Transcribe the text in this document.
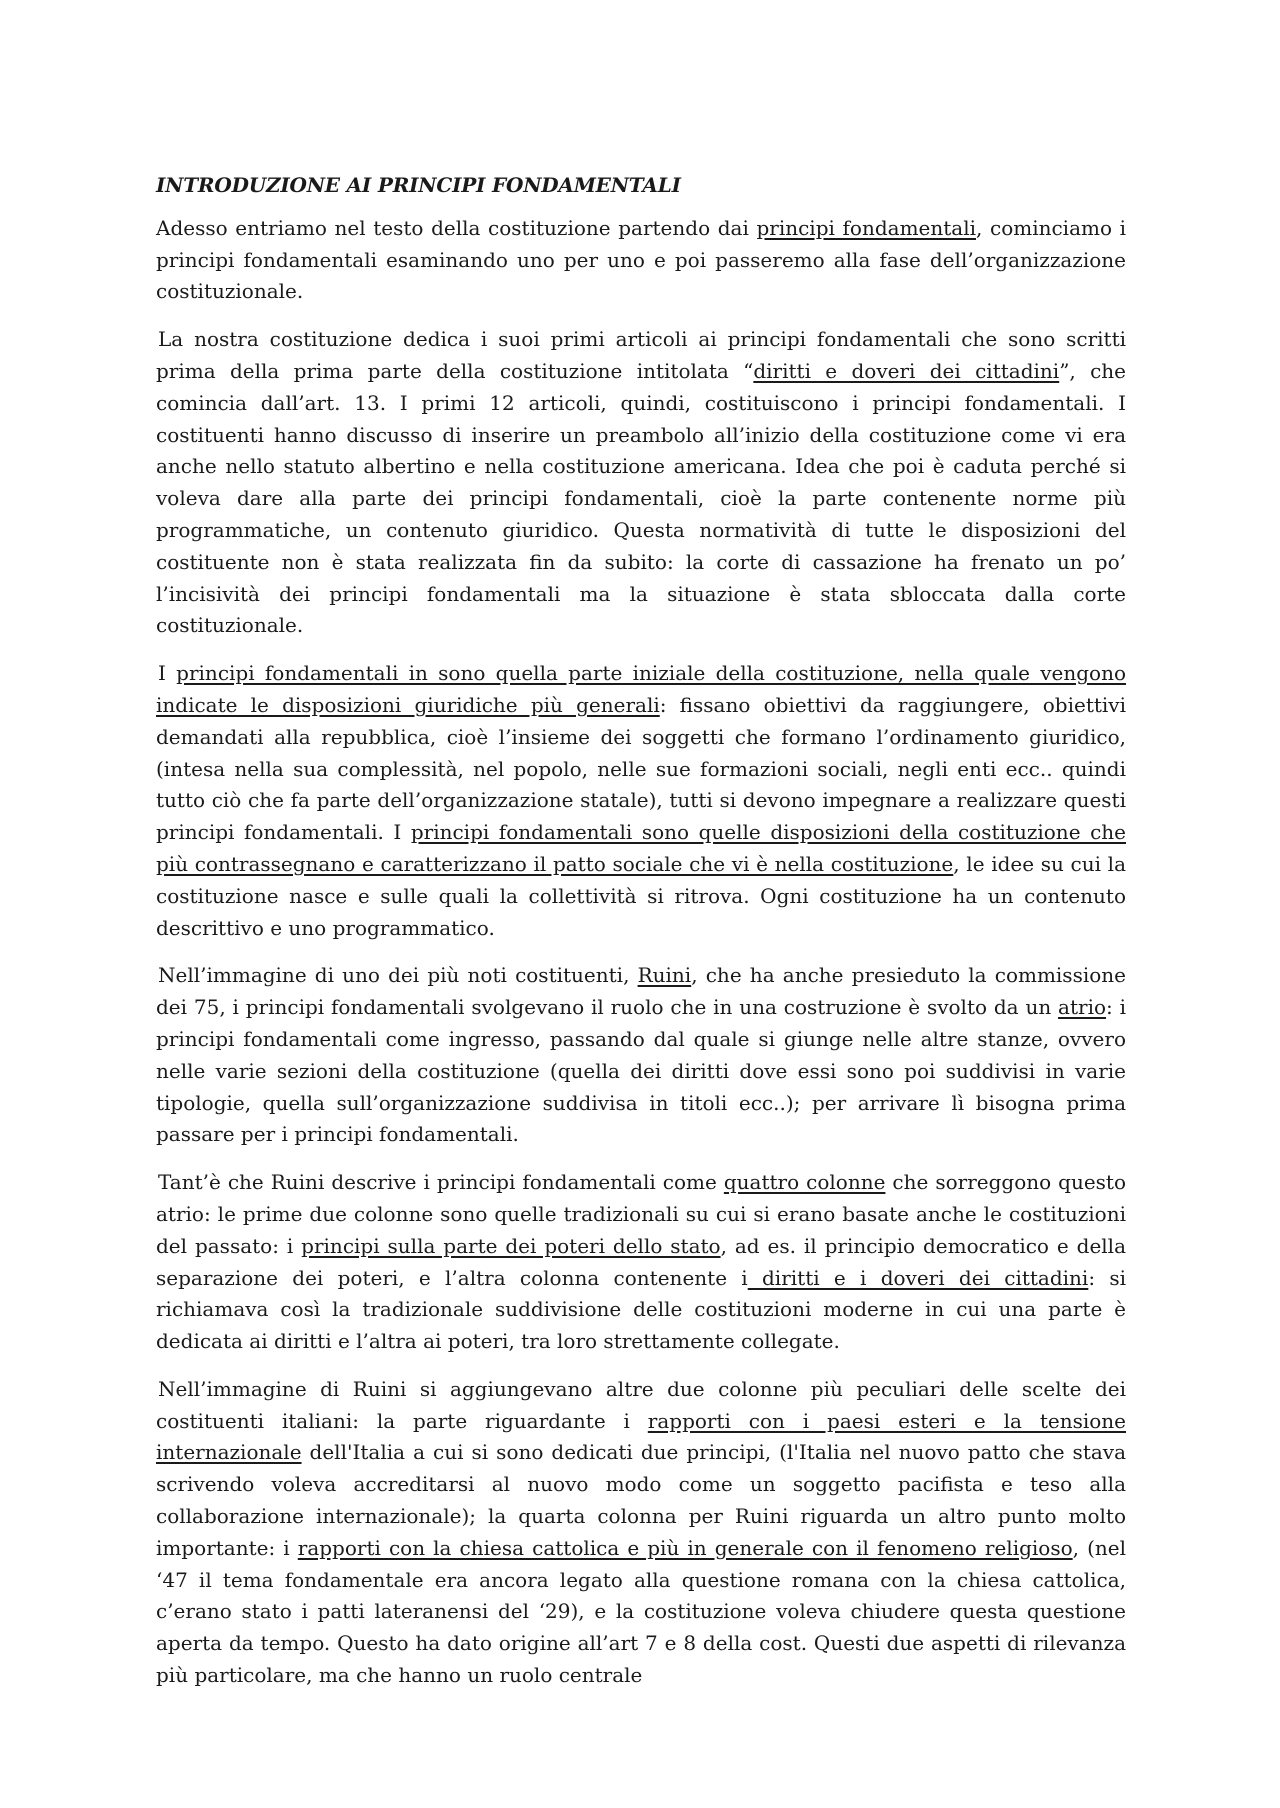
INTRODUZIONE AI PRINCIPI FONDAMENTALI

Adesso entriamo nel testo della costituzione partendo dai principi fondamentali, cominciamo i principi fondamentali esaminando uno per uno e poi passeremo alla fase dell’organizzazione costituzionale.

La nostra costituzione dedica i suoi primi articoli ai principi fondamentali che sono scritti prima della prima parte della costituzione intitolata “diritti e doveri dei cittadini”, che comincia dall’art. 13. I primi 12 articoli, quindi, costituiscono i principi fondamentali. I costituenti hanno discusso di inserire un preambolo all’inizio della costituzione come vi era anche nello statuto albertino e nella costituzione americana. Idea che poi è caduta perché si voleva dare alla parte dei principi fondamentali, cioè la parte contenente norme più programmatiche, un contenuto giuridico. Questa normatività di tutte le disposizioni del costituente non è stata realizzata fin da subito: la corte di cassazione ha frenato un po’ l’incisività dei principi fondamentali ma la situazione è stata sbloccata dalla corte costituzionale.

I principi fondamentali in sono quella parte iniziale della costituzione, nella quale vengono indicate le disposizioni giuridiche più generali: fissano obiettivi da raggiungere, obiettivi demandati alla repubblica, cioè l’insieme dei soggetti che formano l’ordinamento giuridico, (intesa nella sua complessità, nel popolo, nelle sue formazioni sociali, negli enti ecc.. quindi tutto ciò che fa parte dell’organizzazione statale), tutti si devono impegnare a realizzare questi principi fondamentali. I principi fondamentali sono quelle disposizioni della costituzione che più contrassegnano e caratterizzano il patto sociale che vi è nella costituzione, le idee su cui la costituzione nasce e sulle quali la collettività si ritrova. Ogni costituzione ha un contenuto descrittivo e uno programmatico.

Nell’immagine di uno dei più noti costituenti, Ruini, che ha anche presieduto la commissione dei 75, i principi fondamentali svolgevano il ruolo che in una costruzione è svolto da un atrio: i principi fondamentali come ingresso, passando dal quale si giunge nelle altre stanze, ovvero nelle varie sezioni della costituzione (quella dei diritti dove essi sono poi suddivisi in varie tipologie, quella sull’organizzazione suddivisa in titoli ecc..); per arrivare lì bisogna prima passare per i principi fondamentali.

Tant’è che Ruini descrive i principi fondamentali come quattro colonne che sorreggono questo atrio: le prime due colonne sono quelle tradizionali su cui si erano basate anche le costituzioni del passato: i principi sulla parte dei poteri dello stato, ad es. il principio democratico e della separazione dei poteri, e l’altra colonna contenente i diritti e i doveri dei cittadini: si richiamava così la tradizionale suddivisione delle costituzioni moderne in cui una parte è dedicata ai diritti e l’altra ai poteri, tra loro strettamente collegate.

Nell’immagine di Ruini si aggiungevano altre due colonne più peculiari delle scelte dei costituenti italiani: la parte riguardante i rapporti con i paesi esteri e la tensione internazionale dell'Italia a cui si sono dedicati due principi, (l'Italia nel nuovo patto che stava scrivendo voleva accreditarsi al nuovo modo come un soggetto pacifista e teso alla collaborazione internazionale); la quarta colonna per Ruini riguarda un altro punto molto importante: i rapporti con la chiesa cattolica e più in generale con il fenomeno religioso, (nel ‘47 il tema fondamentale era ancora legato alla questione romana con la chiesa cattolica, c’erano stato i patti lateranensi del ‘29), e la costituzione voleva chiudere questa questione aperta da tempo. Questo ha dato origine all’art 7 e 8 della cost. Questi due aspetti di rilevanza più particolare, ma che hanno un ruolo centrale
